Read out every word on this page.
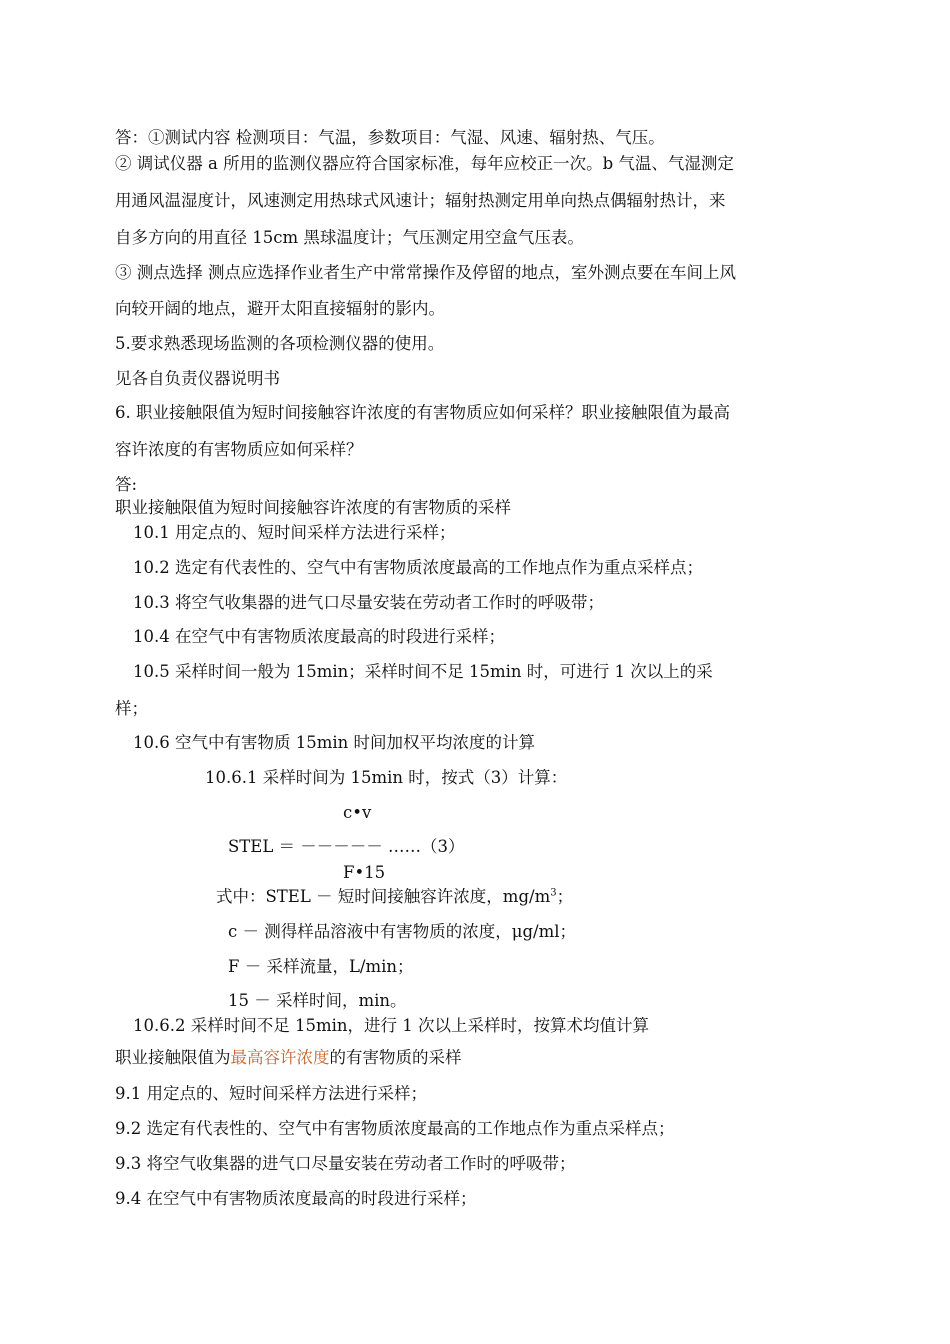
答：①测试内容 检测项目：气温，参数项目：气湿、风速、辐射热、气压。

② 调试仪器 a 所用的监测仪器应符合国家标准，每年应校正一次。b 气温、气湿测定

用通风温湿度计，风速测定用热球式风速计；辐射热测定用单向热点偶辐射热计，来

自多方向的用直径 15cm 黑球温度计；气压测定用空盒气压表。

③ 测点选择 测点应选择作业者生产中常常操作及停留的地点，室外测点要在车间上风

向较开阔的地点，避开太阳直接辐射的影内。

5.要求熟悉现场监测的各项检测仪器的使用。

见各自负责仪器说明书

6. 职业接触限值为短时间接触容许浓度的有害物质应如何采样？职业接触限值为最高

容许浓度的有害物质应如何采样？

答:

职业接触限值为短时间接触容许浓度的有害物质的采样

10.1 用定点的、短时间采样方法进行采样；

10.2 选定有代表性的、空气中有害物质浓度最高的工作地点作为重点采样点；

10.3 将空气收集器的进气口尽量安装在劳动者工作时的呼吸带；

10.4 在空气中有害物质浓度最高的时段进行采样；

10.5 采样时间一般为 15min；采样时间不足 15min 时，可进行 1 次以上的采

样；

10.6 空气中有害物质 15min 时间加权平均浓度的计算

10.6.1 采样时间为 15min 时，按式（3）计算：

c•v

STEL ＝ －－－－－ ……（3）

F•15

式中：STEL － 短时间接触容许浓度，$mg/m^3$；

c － 测得样品溶液中有害物质的浓度，μg/ml；

F － 采样流量，L/min；

15 － 采样时间，min。

10.6.2 采样时间不足 15min，进行 1 次以上采样时，按算术均值计算

职业接触限值为最高容许浓度的有害物质的采样

9.1 用定点的、短时间采样方法进行采样；

9.2 选定有代表性的、空气中有害物质浓度最高的工作地点作为重点采样点；

9.3 将空气收集器的进气口尽量安装在劳动者工作时的呼吸带；

9.4 在空气中有害物质浓度最高的时段进行采样；
